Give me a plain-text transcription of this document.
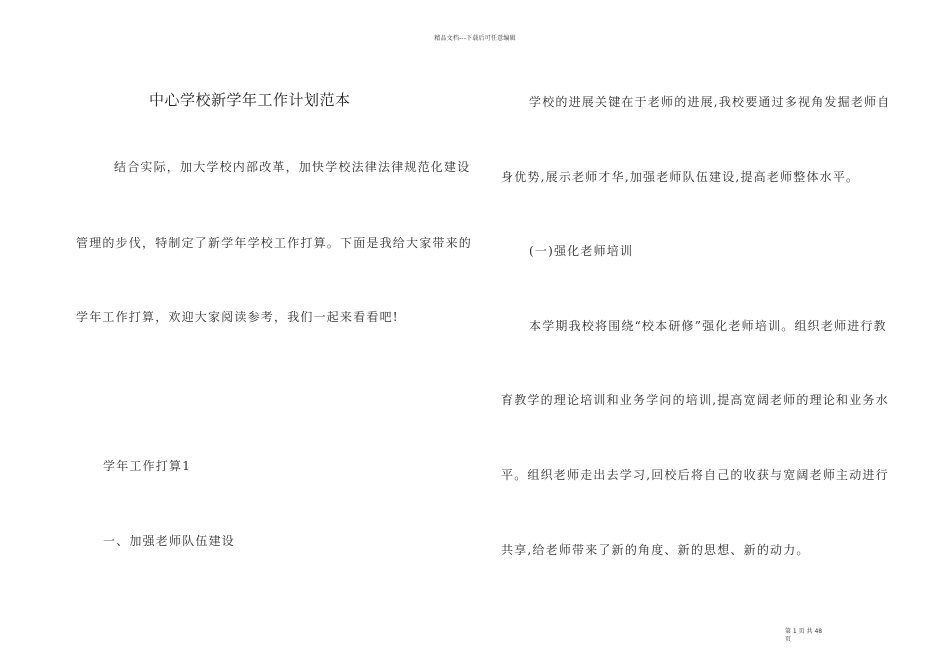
精品文档---下载后可任意编辑
中心学校新学年工作计划范本
结合实际，加大学校内部改革，加快学校法律法律规范化建设
管理的步伐，特制定了新学年学校工作打算。下面是我给大家带来的
学年工作打算，欢迎大家阅读参考，我们一起来看看吧!
学年工作打算1
一、加强老师队伍建设
学校的进展关键在于老师的进展,我校要通过多视角发掘老师自
身优势,展示老师才华,加强老师队伍建设,提高老师整体水平。
(一)强化老师培训
本学期我校将围绕“校本研修”强化老师培训。组织老师进行教
育教学的理论培训和业务学问的培训,提高宽阔老师的理论和业务水
平。组织老师走出去学习,回校后将自己的收获与宽阔老师主动进行
共享,给老师带来了新的角度、新的思想、新的动力。
第 1 页 共 48 页
